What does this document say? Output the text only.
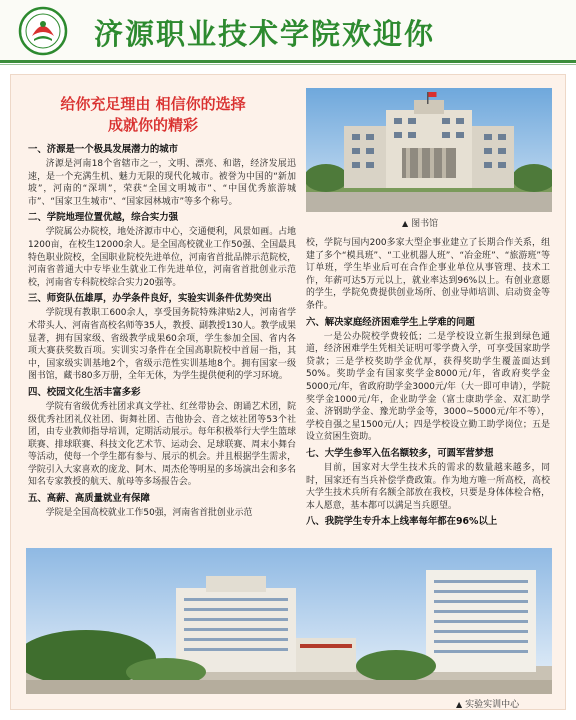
济源职业技术学院欢迎你
给你充足理由 相信你的选择
成就你的精彩
▲ 图书馆
一、济源是一个极具发展潜力的城市

济源是河南18个省辖市之一，文明、漂亮、和谐，经济发展迅速，是一个充满生机、魅力无限的现代化城市。被誉为中国的“新加坡”，河南的“深圳”，荣获“全国文明城市”、“中国优秀旅游城市”、“国家卫生城市”、“国家园林城市”等多个称号。

二、学院地理位置优越，综合实力强

学院属公办院校，地处济源市中心，交通便利，风景如画。占地1200亩，在校生12000余人。是全国高校就业工作50强、全国最具特色职业院校，全国职业院校先进单位，河南省首批品牌示范院校，河南省普通大中专毕业生就业工作先进单位，河南省首批创业示范校，河南省专科院校综合实力20强等。

三、师资队伍雄厚，办学条件良好，实验实训条件优势突出

学院现有教职工600余人，享受国务院特殊津贴2人，河南省学术带头人、河南省高校名师等35人，教授、副教授130人。教学成果显著，拥有国家级、省级教学成果60余项，学生参加全国、省内各项大赛获奖数百项。实训实习条件在全国高职院校中首屈一指，其中，国家级实训基地2个，省级示范性实训基地8个。拥有国家一级图书馆，藏书80多万册，全年无休，为学生提供便利的学习环境。

四、校园文化生活丰富多彩

学院有省级优秀社团求真文学社、红丝带协会、朗诵艺术团，院级优秀社团礼仪社团、街舞社团、吉他协会、音之炫社团等53个社团，由专业教师指导培训，定期活动展示。每年积极举行大学生篮球联赛、排球联赛、科技文化艺术节、运动会、足球联赛、周末小舞台等活动，使每一个学生都有参与、展示的机会。并且根据学生需求，学院引入大家喜欢的庞龙、阿木、周杰伦等明星的多场演出会和多名知名专家教授的航天、航母等多场报告会。

五、高薪、高质量就业有保障

学院是全国高校就业工作50强，河南省首批创业示范

校，学院与国内200多家大型企事业建立了长期合作关系，组建了多个“模具班”、“工业机器人班”、“冶金班”、“旅游班”等订单班，学生毕业后可在合作企事业单位从事管理、技术工作，年薪可达5万元以上，就业率达到96%以上。有创业意愿的学生，学院免费提供创业场所、创业导师培训、启动资金等条件。

六、解决家庭经济困难学生上学难的问题

一是公办院校学费较低；二是学校设立新生报到绿色通道，经济困难学生凭相关证明可零学费入学，可享受国家助学贷款；三是学校奖助学金优厚，获得奖助学生覆盖面达到50%。奖助学金有国家奖学金8000元/年，省政府奖学金5000元/年，省政府助学金3000元/年（大一即可申请），学院奖学金1000元/年，企业助学金（富士康助学金、双汇助学金、济钢助学金、豫光助学金等，3000~5000元/年不等），学校自强之星1500元/人；四是学校设立勤工助学岗位；五是设立贫困生资助。

七、大学生参军入伍名额较多，可圆军营梦想

目前，国家对大学生技术兵的需求的数量越来越多，同时，国家还有当兵补偿学费政策。作为地方唯一所高校，高校大学生技术兵所有名额全部放在我校，只要是身体体检合格，本人愿意，基本都可以满足当兵愿望。

八、我院学生专升本上线率每年都在96%以上
▲ 实验实训中心
